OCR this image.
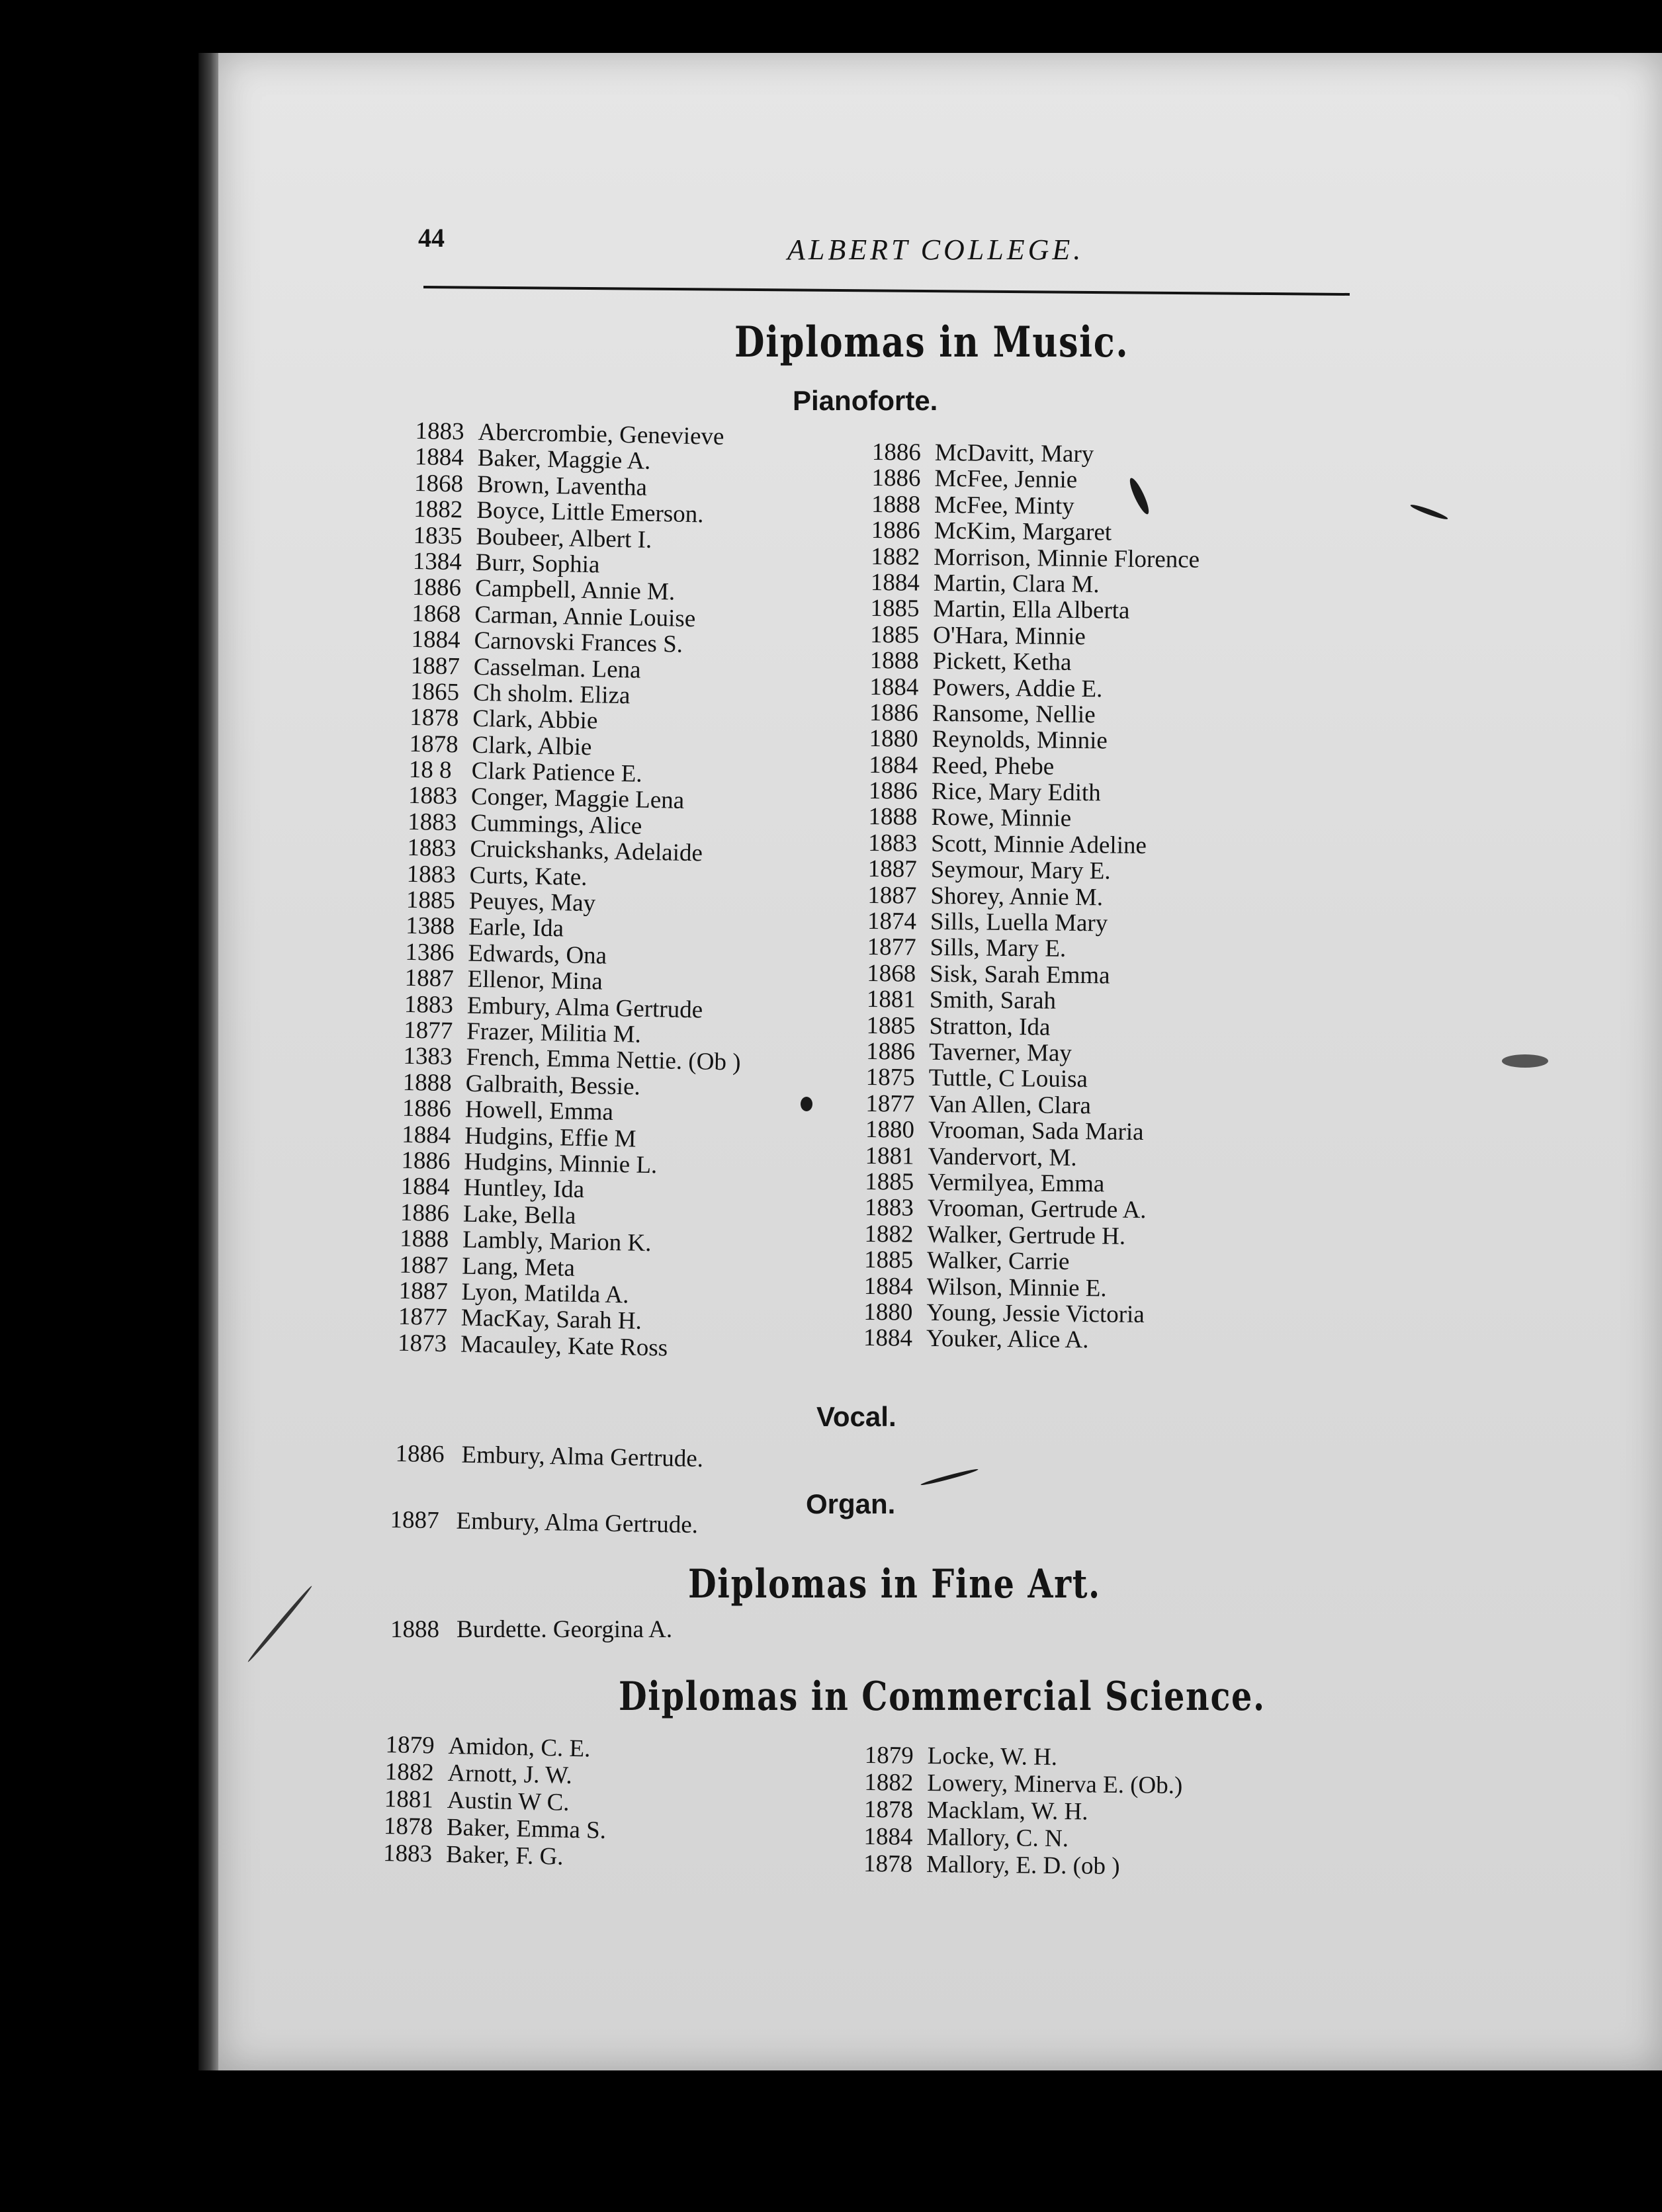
44	ALBERT COLLEGE.
Diplomas in Music.
Pianoforte.
1883 Abercrombie, Genevieve
1884 Baker, Maggie A.
1868 Brown, Laventha
1882 Boyce, Little Emerson.
1835 Boubeer, Albert I.
1384 Burr, Sophia
1886 Campbell, Annie M.
1868 Carman, Annie Louise
1884 Carnovski Frances S.
1887 Casselman. Lena
1865 Ch sholm. Eliza
1878 Clark, Abbie
1878 Clark, Albie
18 8 Clark Patience E.
1883 Conger, Maggie Lena
1883 Cummings, Alice
1883 Cruickshanks, Adelaide
1883 Curts, Kate.
1885 Peuyes, May
1388 Earle, Ida
1386 Edwards, Ona
1887 Ellenor, Mina
1883 Embury, Alma Gertrude
1877 Frazer, Militia M.
1383 French, Emma Nettie. (Ob )
1888 Galbraith, Bessie.
1886 Howell, Emma
1884 Hudgins, Effie M
1886 Hudgins, Minnie L.
1884 Huntley, Ida
1886 Lake, Bella
1888 Lambly, Marion K.
1887 Lang, Meta
1887 Lyon, Matilda A.
1877 MacKay, Sarah H.
1873 Macauley, Kate Ross
1886 McDavitt, Mary
1886 McFee, Jennie
1888 McFee, Minty
1886 McKim, Margaret
1882 Morrison, Minnie Florence
1884 Martin, Clara M.
1885 Martin, Ella Alberta
1885 O'Hara, Minnie
1888 Pickett, Ketha
1884 Powers, Addie E.
1886 Ransome, Nellie
1880 Reynolds, Minnie
1884 Reed, Phebe
1886 Rice, Mary Edith
1888 Rowe, Minnie
1883 Scott, Minnie Adeline
1887 Seymour, Mary E.
1887 Shorey, Annie M.
1874 Sills, Luella Mary
1877 Sills, Mary E.
1868 Sisk, Sarah Emma
1881 Smith, Sarah
1885 Stratton, Ida
1886 Taverner, May
1875 Tuttle, C Louisa
1877 Van Allen, Clara
1880 Vrooman, Sada Maria
1881 Vandervort, M.
1885 Vermilyea, Emma
1883 Vrooman, Gertrude A.
1882 Walker, Gertrude H.
1885 Walker, Carrie
1884 Wilson, Minnie E.
1880 Young, Jessie Victoria
1884 Youker, Alice A.
Vocal.
1886 Embury, Alma Gertrude.
Organ.
1887 Embury, Alma Gertrude.
Diplomas in Fine Art.
1888 Burdette. Georgina A.
Diplomas in Commercial Science.
1879 Amidon, C. E.
1882 Arnott, J. W.
1881 Austin W C.
1878 Baker, Emma S.
1883 Baker, F. G.
1879 Locke, W. H.
1882 Lowery, Minerva E. (Ob.)
1878 Macklam, W. H.
1884 Mallory, C. N.
1878 Mallory, E. D. (ob )
